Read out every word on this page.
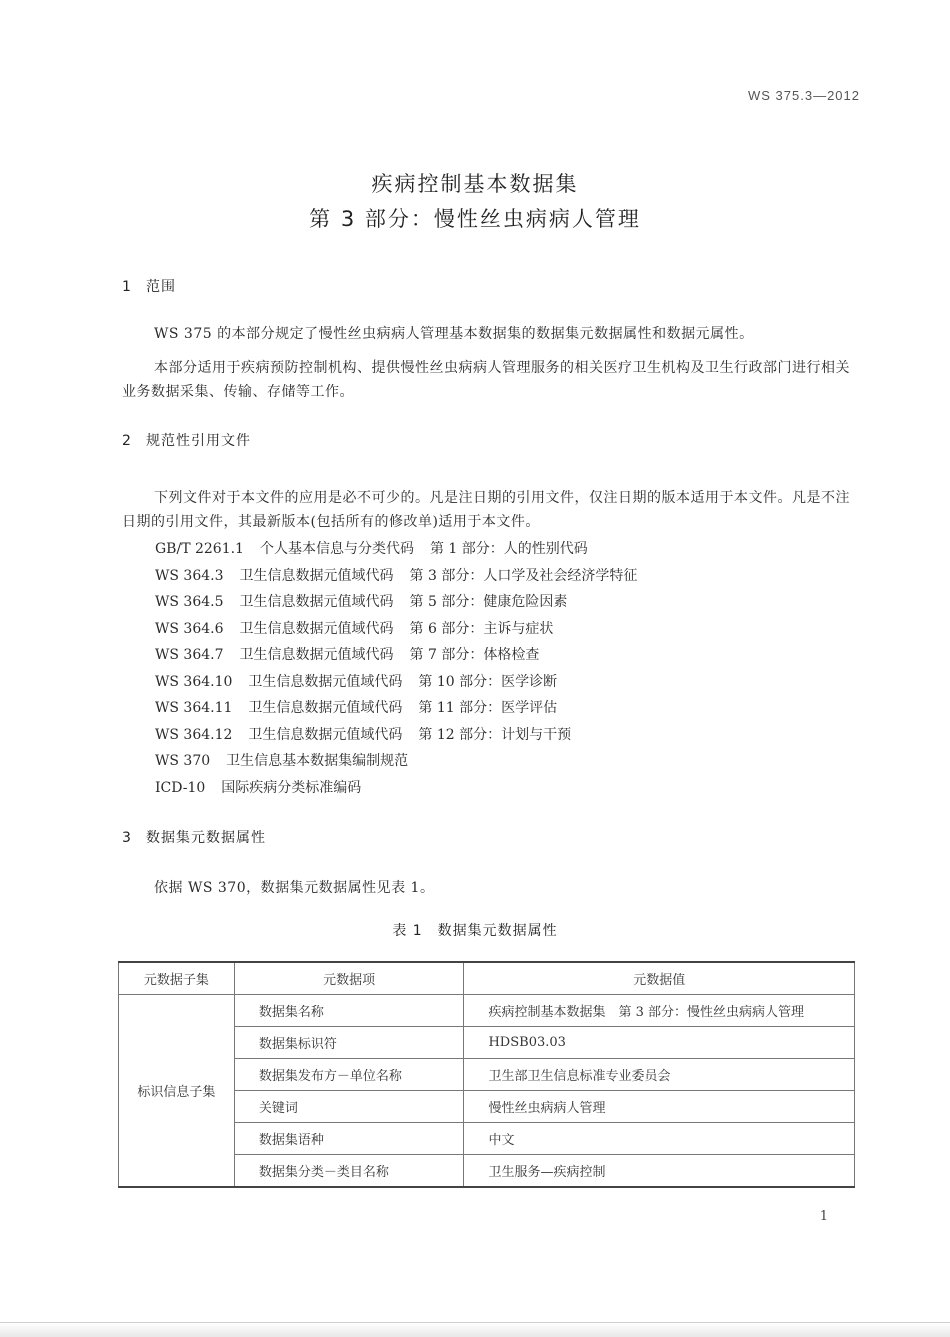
WS 375.3—2012
疾病控制基本数据集
第 3 部分：慢性丝虫病病人管理
1 范围
WS 375 的本部分规定了慢性丝虫病病人管理基本数据集的数据集元数据属性和数据元属性。
本部分适用于疾病预防控制机构、提供慢性丝虫病病人管理服务的相关医疗卫生机构及卫生行政部门进行相关业务数据采集、传输、存储等工作。
2 规范性引用文件
下列文件对于本文件的应用是必不可少的。凡是注日期的引用文件，仅注日期的版本适用于本文件。凡是不注日期的引用文件，其最新版本(包括所有的修改单)适用于本文件。
GB/T 2261.1 个人基本信息与分类代码 第 1 部分：人的性别代码
WS 364.3 卫生信息数据元值域代码 第 3 部分：人口学及社会经济学特征
WS 364.5 卫生信息数据元值域代码 第 5 部分：健康危险因素
WS 364.6 卫生信息数据元值域代码 第 6 部分：主诉与症状
WS 364.7 卫生信息数据元值域代码 第 7 部分：体格检查
WS 364.10 卫生信息数据元值域代码 第 10 部分：医学诊断
WS 364.11 卫生信息数据元值域代码 第 11 部分：医学评估
WS 364.12 卫生信息数据元值域代码 第 12 部分：计划与干预
WS 370 卫生信息基本数据集编制规范
ICD-10 国际疾病分类标准编码
3 数据集元数据属性
依据 WS 370，数据集元数据属性见表 1。
表 1　数据集元数据属性
元数据子集	元数据项	元数据值
标识信息子集	数据集名称	疾病控制基本数据集　第 3 部分：慢性丝虫病病人管理
	数据集标识符	HDSB03.03
	数据集发布方－单位名称	卫生部卫生信息标准专业委员会
	关键词	慢性丝虫病病人管理
	数据集语种	中文
	数据集分类－类目名称	卫生服务—疾病控制
1
